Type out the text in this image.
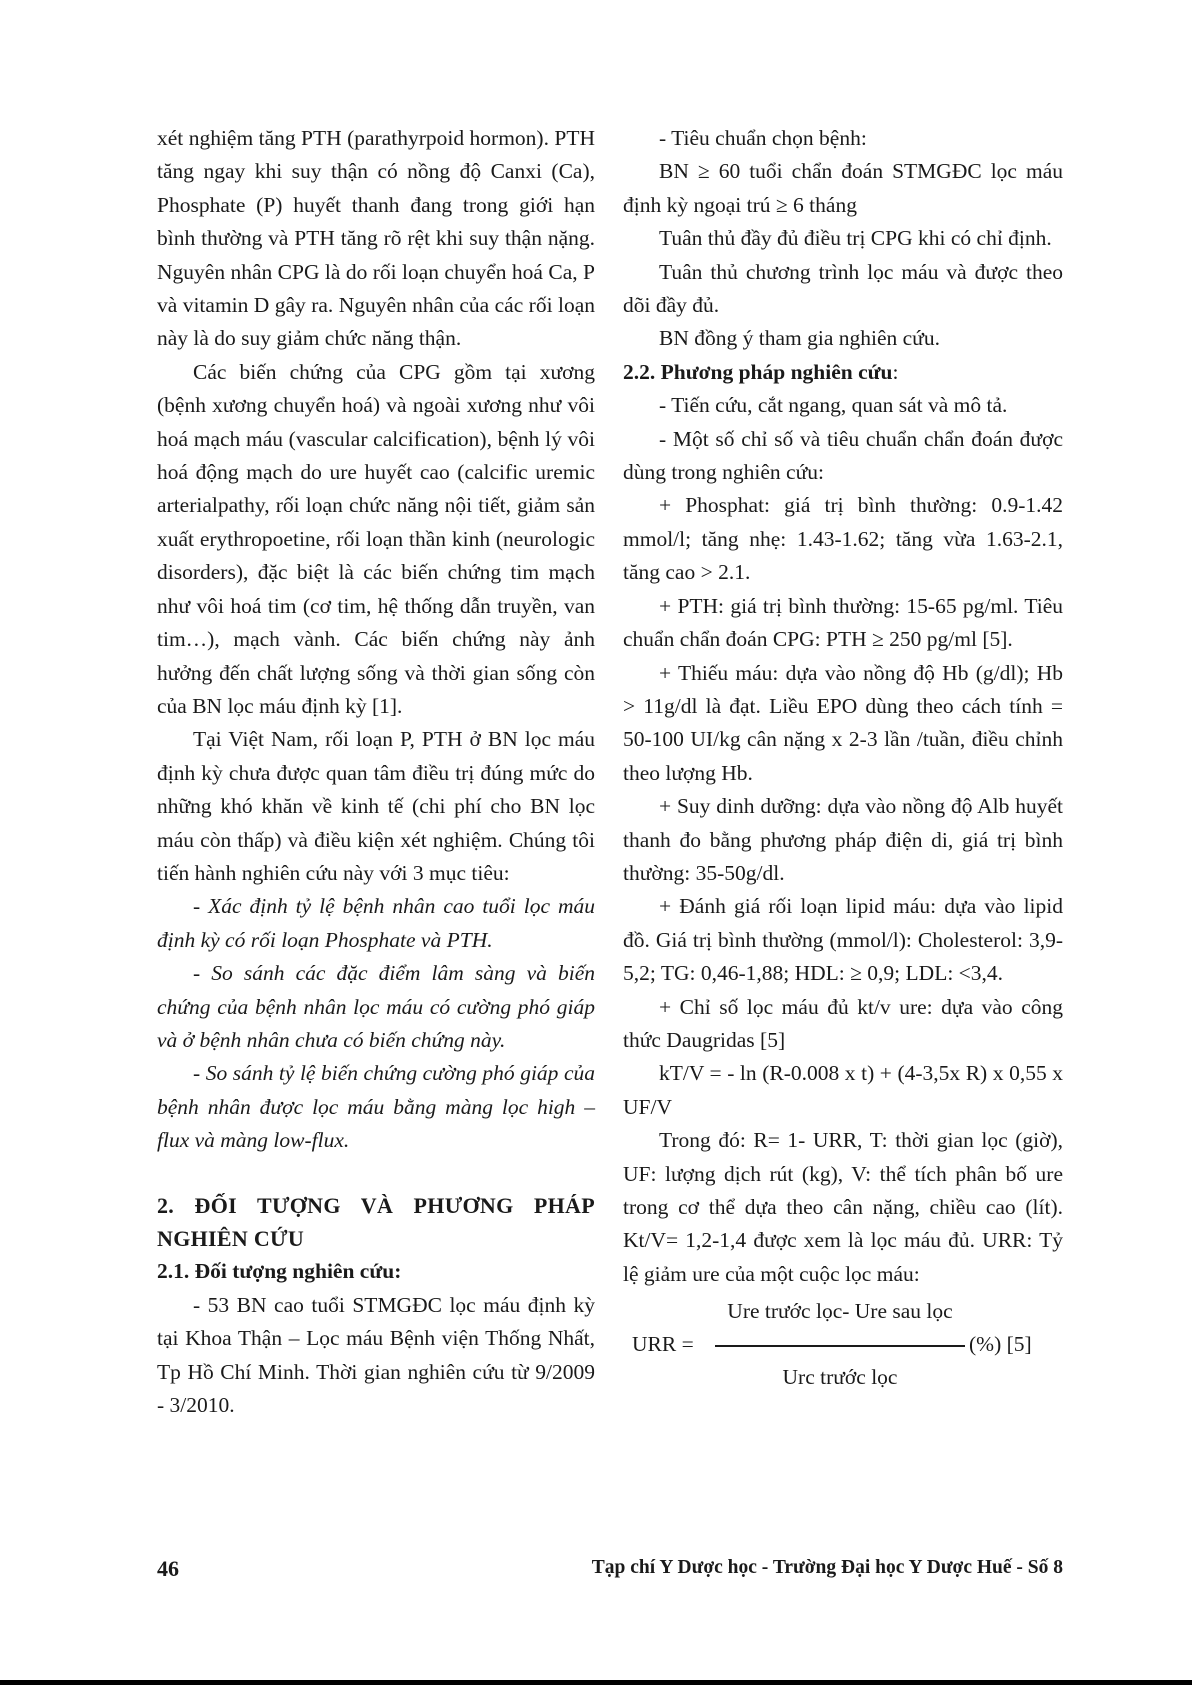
xét nghiệm tăng PTH (parathyrpoid hormon). PTH tăng ngay khi suy thận có nồng độ Canxi (Ca), Phosphate (P) huyết thanh đang trong giới hạn bình thường và PTH tăng rõ rệt khi suy thận nặng. Nguyên nhân CPG là do rối loạn chuyển hoá Ca, P và vitamin D gây ra. Nguyên nhân của các rối loạn này là do suy giảm chức năng thận.

Các biến chứng của CPG gồm tại xương (bệnh xương chuyển hoá) và ngoài xương như vôi hoá mạch máu (vascular calcification), bệnh lý vôi hoá động mạch do ure huyết cao (calcific uremic arterialpathy, rối loạn chức năng nội tiết, giảm sản xuất erythropoetine, rối loạn thần kinh (neurologic disorders), đặc biệt là các biến chứng tim mạch như vôi hoá tim (cơ tim, hệ thống dẫn truyền, van tim…), mạch vành. Các biến chứng này ảnh hưởng đến chất lượng sống và thời gian sống còn của BN lọc máu định kỳ [1].

Tại Việt Nam, rối loạn P, PTH ở BN lọc máu định kỳ chưa được quan tâm điều trị đúng mức do những khó khăn về kinh tế (chi phí cho BN lọc máu còn thấp) và điều kiện xét nghiệm. Chúng tôi tiến hành nghiên cứu này với 3 mục tiêu:

- Xác định tỷ lệ bệnh nhân cao tuổi lọc máu định kỳ có rối loạn Phosphate và PTH.

- So sánh các đặc điểm lâm sàng và biến chứng của bệnh nhân lọc máu có cường phó giáp và ở bệnh nhân chưa có biến chứng này.

- So sánh tỷ lệ biến chứng cường phó giáp của bệnh nhân được lọc máu bằng màng lọc high – flux và màng low-flux.

2. ĐỐI TƯỢNG VÀ PHƯƠNG PHÁP
NGHIÊN CỨU

2.1. Đối tượng nghiên cứu:

- 53 BN cao tuổi STMGĐC lọc máu định kỳ tại Khoa Thận – Lọc máu Bệnh viện Thống Nhất, Tp Hồ Chí Minh. Thời gian nghiên cứu từ 9/2009 - 3/2010.

- Tiêu chuẩn chọn bệnh:

BN ≥ 60 tuổi chẩn đoán STMGĐC lọc máu định kỳ ngoại trú ≥ 6 tháng

Tuân thủ đầy đủ điều trị CPG khi có chỉ định.

Tuân thủ chương trình lọc máu và được theo dõi đầy đủ.

BN đồng ý tham gia nghiên cứu.

2.2. Phương pháp nghiên cứu:

- Tiến cứu, cắt ngang, quan sát và mô tả.

- Một số chỉ số và tiêu chuẩn chẩn đoán được dùng trong nghiên cứu:

+ Phosphat: giá trị bình thường: 0.9-1.42 mmol/l; tăng nhẹ: 1.43-1.62; tăng vừa 1.63-2.1, tăng cao > 2.1.

+ PTH: giá trị bình thường: 15-65 pg/ml. Tiêu chuẩn chẩn đoán CPG: PTH ≥ 250 pg/ml [5].

+ Thiếu máu: dựa vào nồng độ Hb (g/dl); Hb > 11g/dl là đạt. Liều EPO dùng theo cách tính = 50-100 UI/kg cân nặng x 2-3 lần /tuần, điều chỉnh theo lượng Hb.

+ Suy dinh dưỡng: dựa vào nồng độ Alb huyết thanh đo bằng phương pháp điện di, giá trị bình thường: 35-50g/dl.

+ Đánh giá rối loạn lipid máu: dựa vào lipid đồ. Giá trị bình thường (mmol/l): Cholesterol: 3,9-5,2; TG: 0,46-1,88; HDL: ≥ 0,9; LDL: <3,4.

+ Chỉ số lọc máu đủ kt/v ure: dựa vào công thức Daugridas [5]

kT/V = - ln (R-0.008 x t) + (4-3,5x R) x 0,55 x UF/V

Trong đó: R= 1- URR, T: thời gian lọc (giờ), UF: lượng dịch rút (kg), V: thể tích phân bố ure trong cơ thể dựa theo cân nặng, chiều cao (lít). Kt/V= 1,2-1,4 được xem là lọc máu đủ. URR: Tỷ lệ giảm ure của một cuộc lọc máu:

Ure trước lọc- Ure sau lọc
URR =	(%) [5]
Urc trước lọc
46	Tạp chí Y Dược học - Trường Đại học Y Dược Huế - Số 8
